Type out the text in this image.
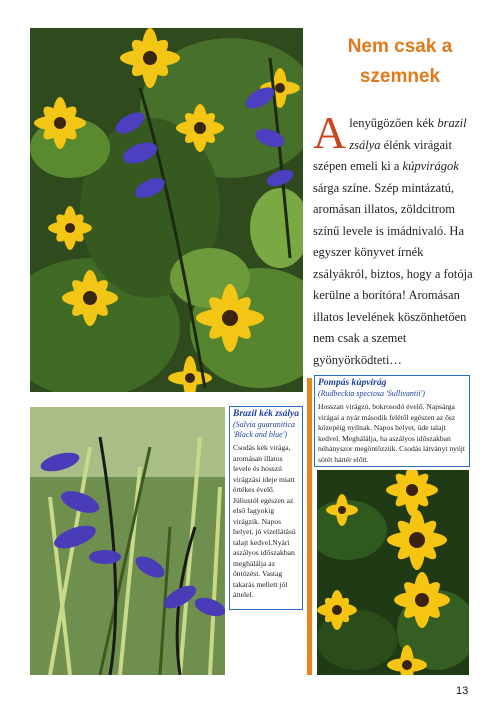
Nem csak a
szemnek
A lenyűgözően kék brazil zsálya élénk virágait szépen emeli ki a kúpvirágok sárga színe. Szép mintázatú, aromásan illatos, zöldcitrom színű levele is imádnivaló. Ha egyszer könyvet írnék zsályákról, biztos, hogy a fotója kerülne a borítóra! Aromásan illatos levelének köszönhetően nem csak a szemet gyönyörködteti…
Brazil kék zsálya
(Salvia guaranitica 'Black and blue')
Csodás kék virága, aromásan illatos levele és hosszú virágzási ideje miatt értékes évelő. Júliustól egészen az első fagyokig virágzik. Napos helyet, jó vízellátású talajt kedvel.Nyári aszályos időszakban meghálálja az öntözést. Vastag takarás mellett jól áttelel.
Pompás kúpvirág
(Rudbeckia speciosa 'Sullivantii')
Hosszan virágzó, bokrosodó évelő. Napsárga virágai a nyár második felétől egészen az ősz közepéig nyílnak. Napos helyet, üde talajt kedvel. Meghálálja, ha aszályos időszakban néhányszor megöntözzük. Csodás látványt nyújt sötét háttér előtt.
13
